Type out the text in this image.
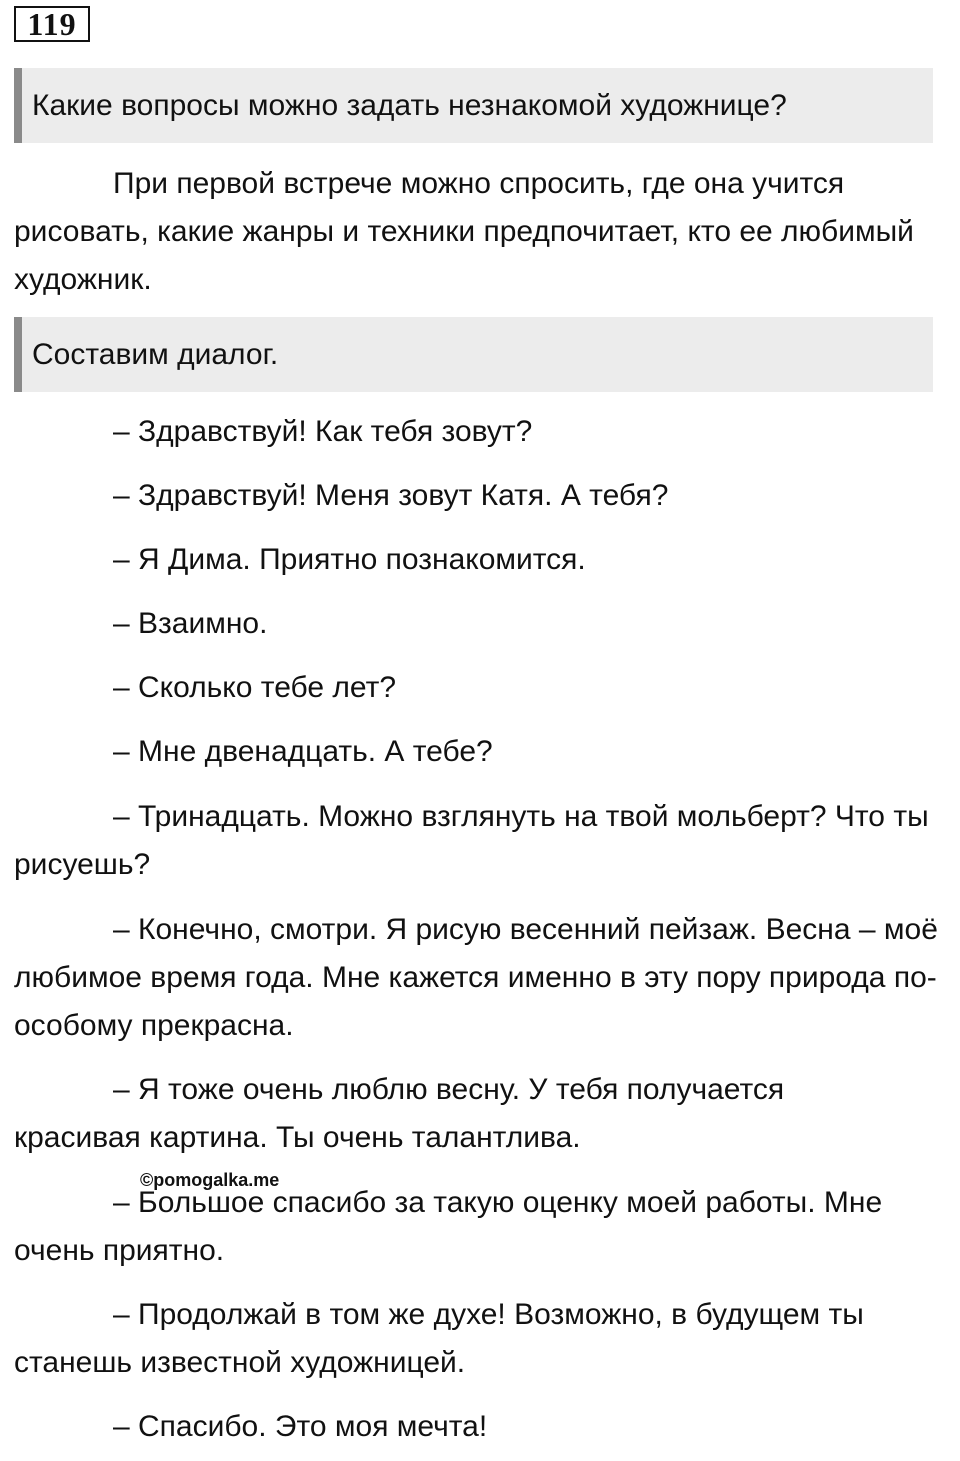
119
Какие вопросы можно задать незнакомой художнице?

При первой встрече можно спросить, где она учится рисовать, какие жанры и техники предпочитает, кто ее любимый художник.

Составим диалог.

– Здравствуй! Как тебя зовут?

– Здравствуй! Меня зовут Катя. А тебя?

– Я Дима. Приятно познакомится.

– Взаимно.

– Сколько тебе лет?

– Мне двенадцать. А тебе?

– Тринадцать. Можно взглянуть на твой мольберт? Что ты рисуешь?

– Конечно, смотри. Я рисую весенний пейзаж. Весна – моё любимое время года. Мне кажется именно в эту пору природа по-особому прекрасна.

– Я тоже очень люблю весну. У тебя получается красивая картина. Ты очень талантлива.

©pomogalka.me

– Большое спасибо за такую оценку моей работы. Мне очень приятно.

– Продолжай в том же духе! Возможно, в будущем ты станешь известной художницей.

– Спасибо. Это моя мечта!
